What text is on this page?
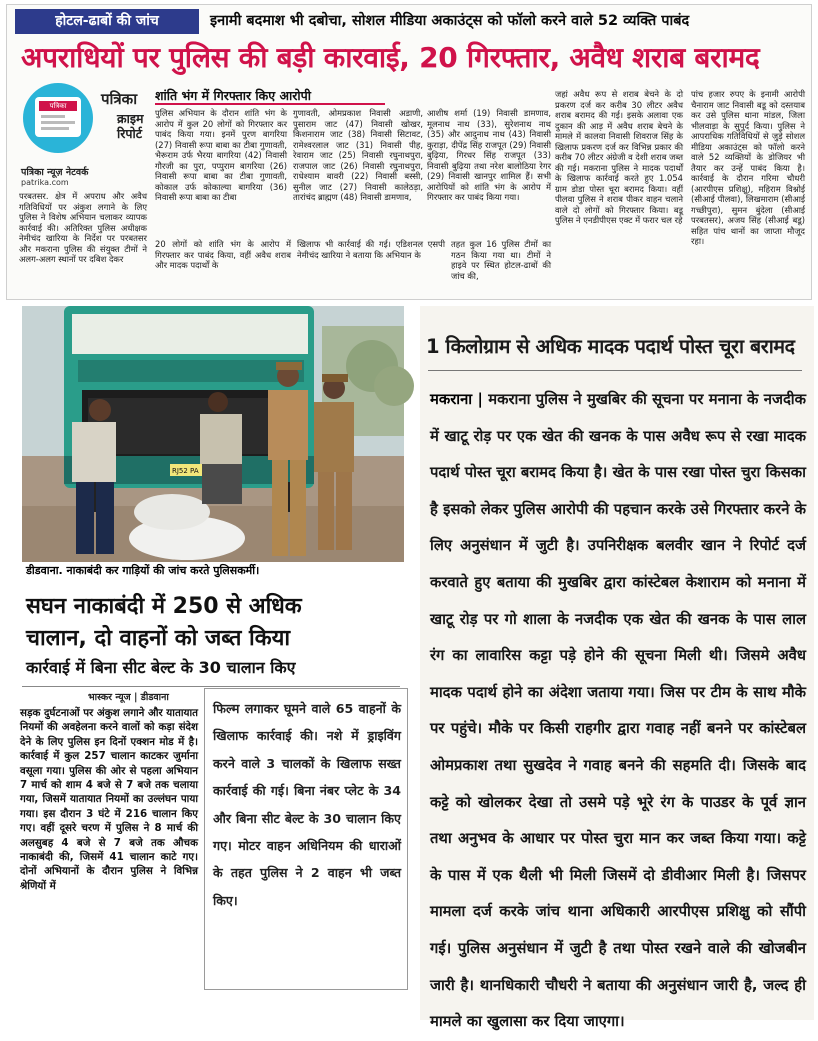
होटल-ढाबों की जांच	इनामी बदमाश भी दबोचा, सोशल मीडिया अकाउंट्स को फॉलो करने वाले 52 व्यक्ति पाबंद
अपराधियों पर पुलिस की बड़ी कारवाई, 20 गिरफ्तार, अवैध शराब बरामद
पत्रिका	पत्रिका
क्राइम
रिपोर्ट
पत्रिका न्यूज़ नेटवर्क
patrika.com
शांति भंग में गिरफ्तार किए आरोपी
परबतसर. क्षेत्र में अपराध और अवैध गतिविधियों पर अंकुश लगाने के लिए पुलिस ने विशेष अभियान चलाकर व्यापक कार्रवाई की। अतिरिक्त पुलिस अधीक्षक नेमीचंद खारिया के निर्देश पर परबतसर और मकराना पुलिस की संयुक्त टीमों ने अलग-अलग स्थानों पर दबिश देकर
पुलिस अभियान के दौरान शांति भंग के आरोप में कुल 20 लोगों को गिरफ्तार कर पाबंद किया गया। इनमें पुरण बागरिया (27) निवासी रूपा बाबा का टीबा गुणावती, भैरूराम उर्फ भैरया बागरिया (42) निवासी गौरजी का पुरा, पप्पुराम बागरिया (26) निवासी रूपा बाबा का टीबा गुणावती, कोकाल उर्फ कोकाल्या बागरिया (36) निवासी रूपा बाबा का टीबा
गुणावती, ओमप्रकाश निवासी अडाणी, पुसाराम जाट (47) निवासी खोखर, किशनाराम जाट (38) निवासी सिटावट, रामेश्वरलाल जाट (31) निवासी पीह, रेवाराम जाट (25) निवासी रघुनाथपुरा, राजपाल जाट (26) निवासी रघुनाथपुरा, राधेश्याम बावरी (22) निवासी बस्सी, सुनील जाट (27) निवासी कालेठड़ा, तारांचंद ब्राह्मण (48) निवासी डामणाव,
आशीष शर्मा (19) निवासी डामणाव, मूलनाथ नाथ (33), सुरेशनाथ नाथ (35) और आदुनाथ नाथ (43) निवासी कुराड़ा, दीपेंद्र सिंह राजपूत (29) निवासी बुढ़िया, गिरधर सिंह राजपूत (33) निवासी बुढ़िया तथा नरेश बालोठिया रेगर (29) निवासी खानपुर शामिल हैं। सभी आरोपियों को शांति भंग के आरोप में गिरफ्तार कर पाबंद किया गया।
जहां अवैध रूप से शराब बेचने के दो प्रकरण दर्ज कर करीब 30 लीटर अवैध शराब बरामद की गई। इसके अलावा एक दुकान की आड़ में अवैध शराब बेचने के मामले में कालवा निवासी शिवराज सिंह के खिलाफ प्रकरण दर्ज कर विभिन्न प्रकार की करीब 70 लीटर अंग्रेजी व देशी शराब जब्त की गई। मकराना पुलिस ने मादक पदार्थों के खिलाफ कार्रवाई करते हुए 1.054 ग्राम डोडा पोस्त चूरा बरामद किया। वहीं पीलवा पुलिस ने शराब पीकर वाहन चलाने वाले दो लोगों को गिरफ्तार किया। बडू पुलिस ने एनडीपीएस एक्ट में फरार चल रहे
पांच हजार रुपए के इनामी आरोपी चैनाराम जाट निवासी बडू को दस्तयाब कर उसे पुलिस थाना मांडल, जिला भीलवाड़ा के सुपुर्द किया। पुलिस ने आपराधिक गतिविधियों से जुड़े सोशल मीडिया अकाउंट्स को फॉलो करने वाले 52 व्यक्तियों के डोजियर भी तैयार कर उन्हें पाबंद किया है। कार्रवाई के दौरान गरिमा चौधरी (आरपीएस प्रशिक्षु), महिराम विश्नोई (सीआई पीलवा), लिखमाराम (सीआई गच्छीपुरा), सुमन बुंदेला (सीआई परबतसर), अजय सिंह (सीआई बडू) सहित पांच थानों का जाप्ता मौजूद रहा।
20 लोगों को शांति भंग के आरोप में गिरफ्तार कर पाबंद किया, वहीं अवैध शराब और मादक पदार्थों के
खिलाफ भी कार्रवाई की गई। एडिशनल एसपी नेमीचंद खारिया ने बताया कि अभियान के
तहत कुल 16 पुलिस टीमों का गठन किया गया था। टीमों ने हाइवे पर स्थित होटल-ढाबों की जांच की,
RJ52 PA
डीडवाना. नाकाबंदी कर गाड़ियों की जांच करते पुलिसकर्मी।
सघन नाकाबंदी में 250 से अधिक
चालान, दो वाहनों को जब्त किया
कार्रवाई में बिना सीट बेल्ट के 30 चालान किए
भास्कर न्यूज | डीडवाना
सड़क दुर्घटनाओं पर अंकुश लगाने और यातायात नियमों की अवहेलना करने वालों को कड़ा संदेश देने के लिए पुलिस इन दिनों एक्शन मोड में है। कार्रवाई में कुल 257 चालान काटकर जुर्माना वसूला गया। पुलिस की ओर से पहला अभियान 7 मार्च को शाम 4 बजे से 7 बजे तक चलाया गया, जिसमें यातायात नियमों का उल्लंघन पाया गया। इस दौरान 3 घंटे में 216 चालान किए गए। वहीं दूसरे चरण में पुलिस ने 8 मार्च की अलसुबह 4 बजे से 7 बजे तक औचक नाकाबंदी की, जिसमें 41 चालान काटे गए। दोनों अभियानों के दौरान पुलिस ने विभिन्न श्रेणियों में
फिल्म लगाकर घूमने वाले 65 वाहनों के खिलाफ कार्रवाई की। नशे में ड्राइविंग करने वाले 3 चालकों के खिलाफ सख्त कार्रवाई की गई। बिना नंबर प्लेट के 34 और बिना सीट बेल्ट के 30 चालान किए गए। मोटर वाहन अधिनियम की धाराओं के तहत पुलिस ने 2 वाहन भी जब्त किए।
1 किलोग्राम से अधिक मादक पदार्थ पोस्त चूरा बरामद
मकराना | मकराना पुलिस ने मुखबिर की सूचना पर मनाना के नजदीक में खाटू रोड़ पर एक खेत की खनक के पास अवैध रूप से रखा मादक पदार्थ पोस्त चूरा बरामद किया है। खेत के पास रखा पोस्त चुरा किसका है इसको लेकर पुलिस आरोपी की पहचान करके उसे गिरफ्तार करने के लिए अनुसंधान में जुटी है। उपनिरीक्षक बलवीर खान ने रिपोर्ट दर्ज करवाते हुए बताया की मुखबिर द्वारा कांस्टेबल केशाराम को मनाना में खाटू रोड़ पर गो शाला के नजदीक एक खेत की खनक के पास लाल रंग का लावारिस कट्टा पड़े होने की सूचना मिली थी। जिसमे अवैध मादक पदार्थ होने का अंदेशा जताया गया। जिस पर टीम के साथ मौके पर पहुंचे। मौके पर किसी राहगीर द्वारा गवाह नहीं बनने पर कांस्टेबल ओमप्रकाश तथा सुखदेव ने गवाह बनने की सहमति दी। जिसके बाद कट्टे को खोलकर देखा तो उसमे पड़े भूरे रंग के पाउडर के पूर्व ज्ञान तथा अनुभव के आधार पर पोस्त चुरा मान कर जब्त किया गया। कट्टे के पास में एक थैली भी मिली जिसमें दो डीवीआर मिली है। जिसपर मामला दर्ज करके जांच थाना अधिकारी आरपीएस प्रशिक्षु को सौंपी गई। पुलिस अनुसंधान में जुटी है तथा पोस्त रखने वाले की खोजबीन जारी है। थानधिकारी चौधरी ने बताया की अनुसंधान जारी है, जल्द ही मामले का खुलासा कर दिया जाएगा।
